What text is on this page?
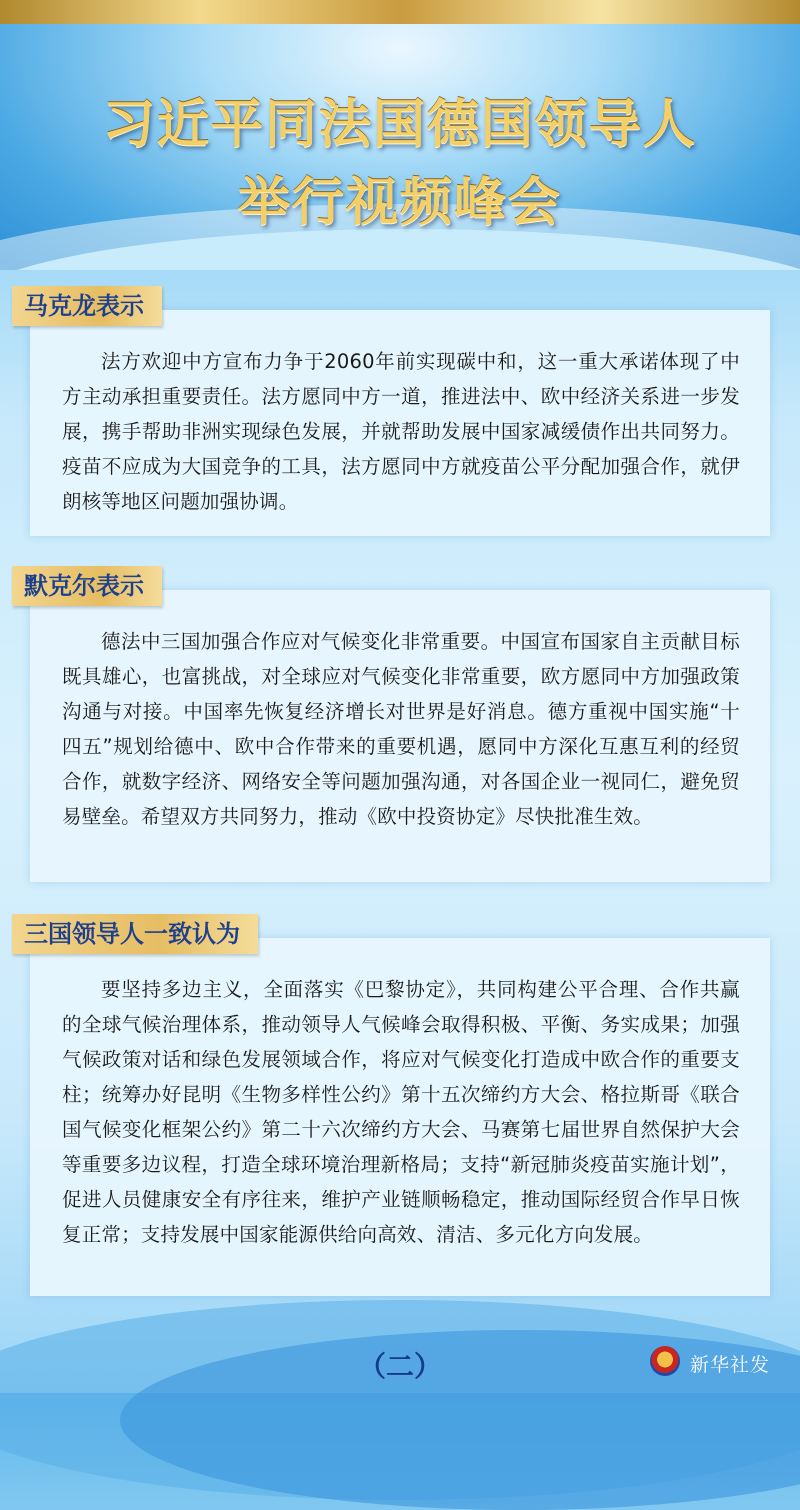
习近平同法国德国领导人
举行视频峰会
法方欢迎中方宣布力争于2060年前实现碳中和，这一重大承诺体现了中方主动承担重要责任。法方愿同中方一道，推进法中、欧中经济关系进一步发展，携手帮助非洲实现绿色发展，并就帮助发展中国家减缓债作出共同努力。疫苗不应成为大国竞争的工具，法方愿同中方就疫苗公平分配加强合作，就伊朗核等地区问题加强协调。
马克龙表示
德法中三国加强合作应对气候变化非常重要。中国宣布国家自主贡献目标既具雄心，也富挑战，对全球应对气候变化非常重要，欧方愿同中方加强政策沟通与对接。中国率先恢复经济增长对世界是好消息。德方重视中国实施“十四五”规划给德中、欧中合作带来的重要机遇，愿同中方深化互惠互利的经贸合作，就数字经济、网络安全等问题加强沟通，对各国企业一视同仁，避免贸易壁垒。希望双方共同努力，推动《欧中投资协定》尽快批准生效。
默克尔表示
要坚持多边主义，全面落实《巴黎协定》，共同构建公平合理、合作共赢的全球气候治理体系，推动领导人气候峰会取得积极、平衡、务实成果；加强气候政策对话和绿色发展领域合作，将应对气候变化打造成中欧合作的重要支柱；统筹办好昆明《生物多样性公约》第十五次缔约方大会、格拉斯哥《联合国气候变化框架公约》第二十六次缔约方大会、马赛第七届世界自然保护大会等重要多边议程，打造全球环境治理新格局；支持“新冠肺炎疫苗实施计划”，促进人员健康安全有序往来，维护产业链顺畅稳定，推动国际经贸合作早日恢复正常；支持发展中国家能源供给向高效、清洁、多元化方向发展。
三国领导人一致认为
（二）	新华社发
